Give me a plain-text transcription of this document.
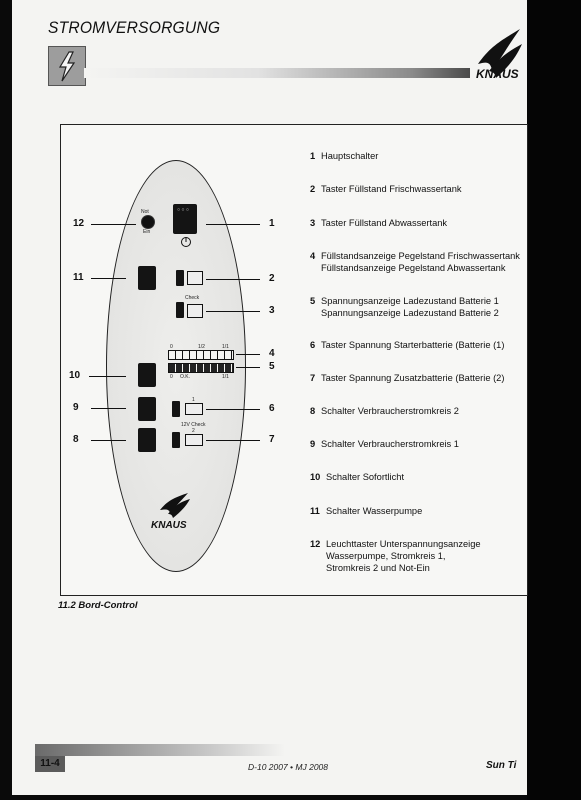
STROMVERSORGUNG
KNAUS
○ ○ ○
Not
Ein
Check
0	1/2	1/1
0 O.K.	1/1
1
12V Check
2
KNAUS
12
11
10
9
8
1
2
3
4
5
6
7
1 Hauptschalter
2 Taster Füllstand Frischwassertank
3 Taster Füllstand Abwassertank
4 Füllstandsanzeige Pegelstand Frischwassertank
Füllstandsanzeige Pegelstand Abwassertank
5 Spannungsanzeige Ladezustand Batterie 1
Spannungsanzeige Ladezustand Batterie 2
6 Taster Spannung Starterbatterie (Batterie (1)
7 Taster Spannung Zusatzbatterie (Batterie (2)
8 Schalter Verbraucherstromkreis 2
9 Schalter Verbraucherstromkreis 1
10 Schalter Sofortlicht
11 Schalter Wasserpumpe
12 Leuchttaster Unterspannungsanzeige
Wasserpumpe, Stromkreis 1,
Stromkreis 2 und Not-Ein
11.2 Bord-Control
11-4	D-10 2007 • MJ 2008	Sun Ti
